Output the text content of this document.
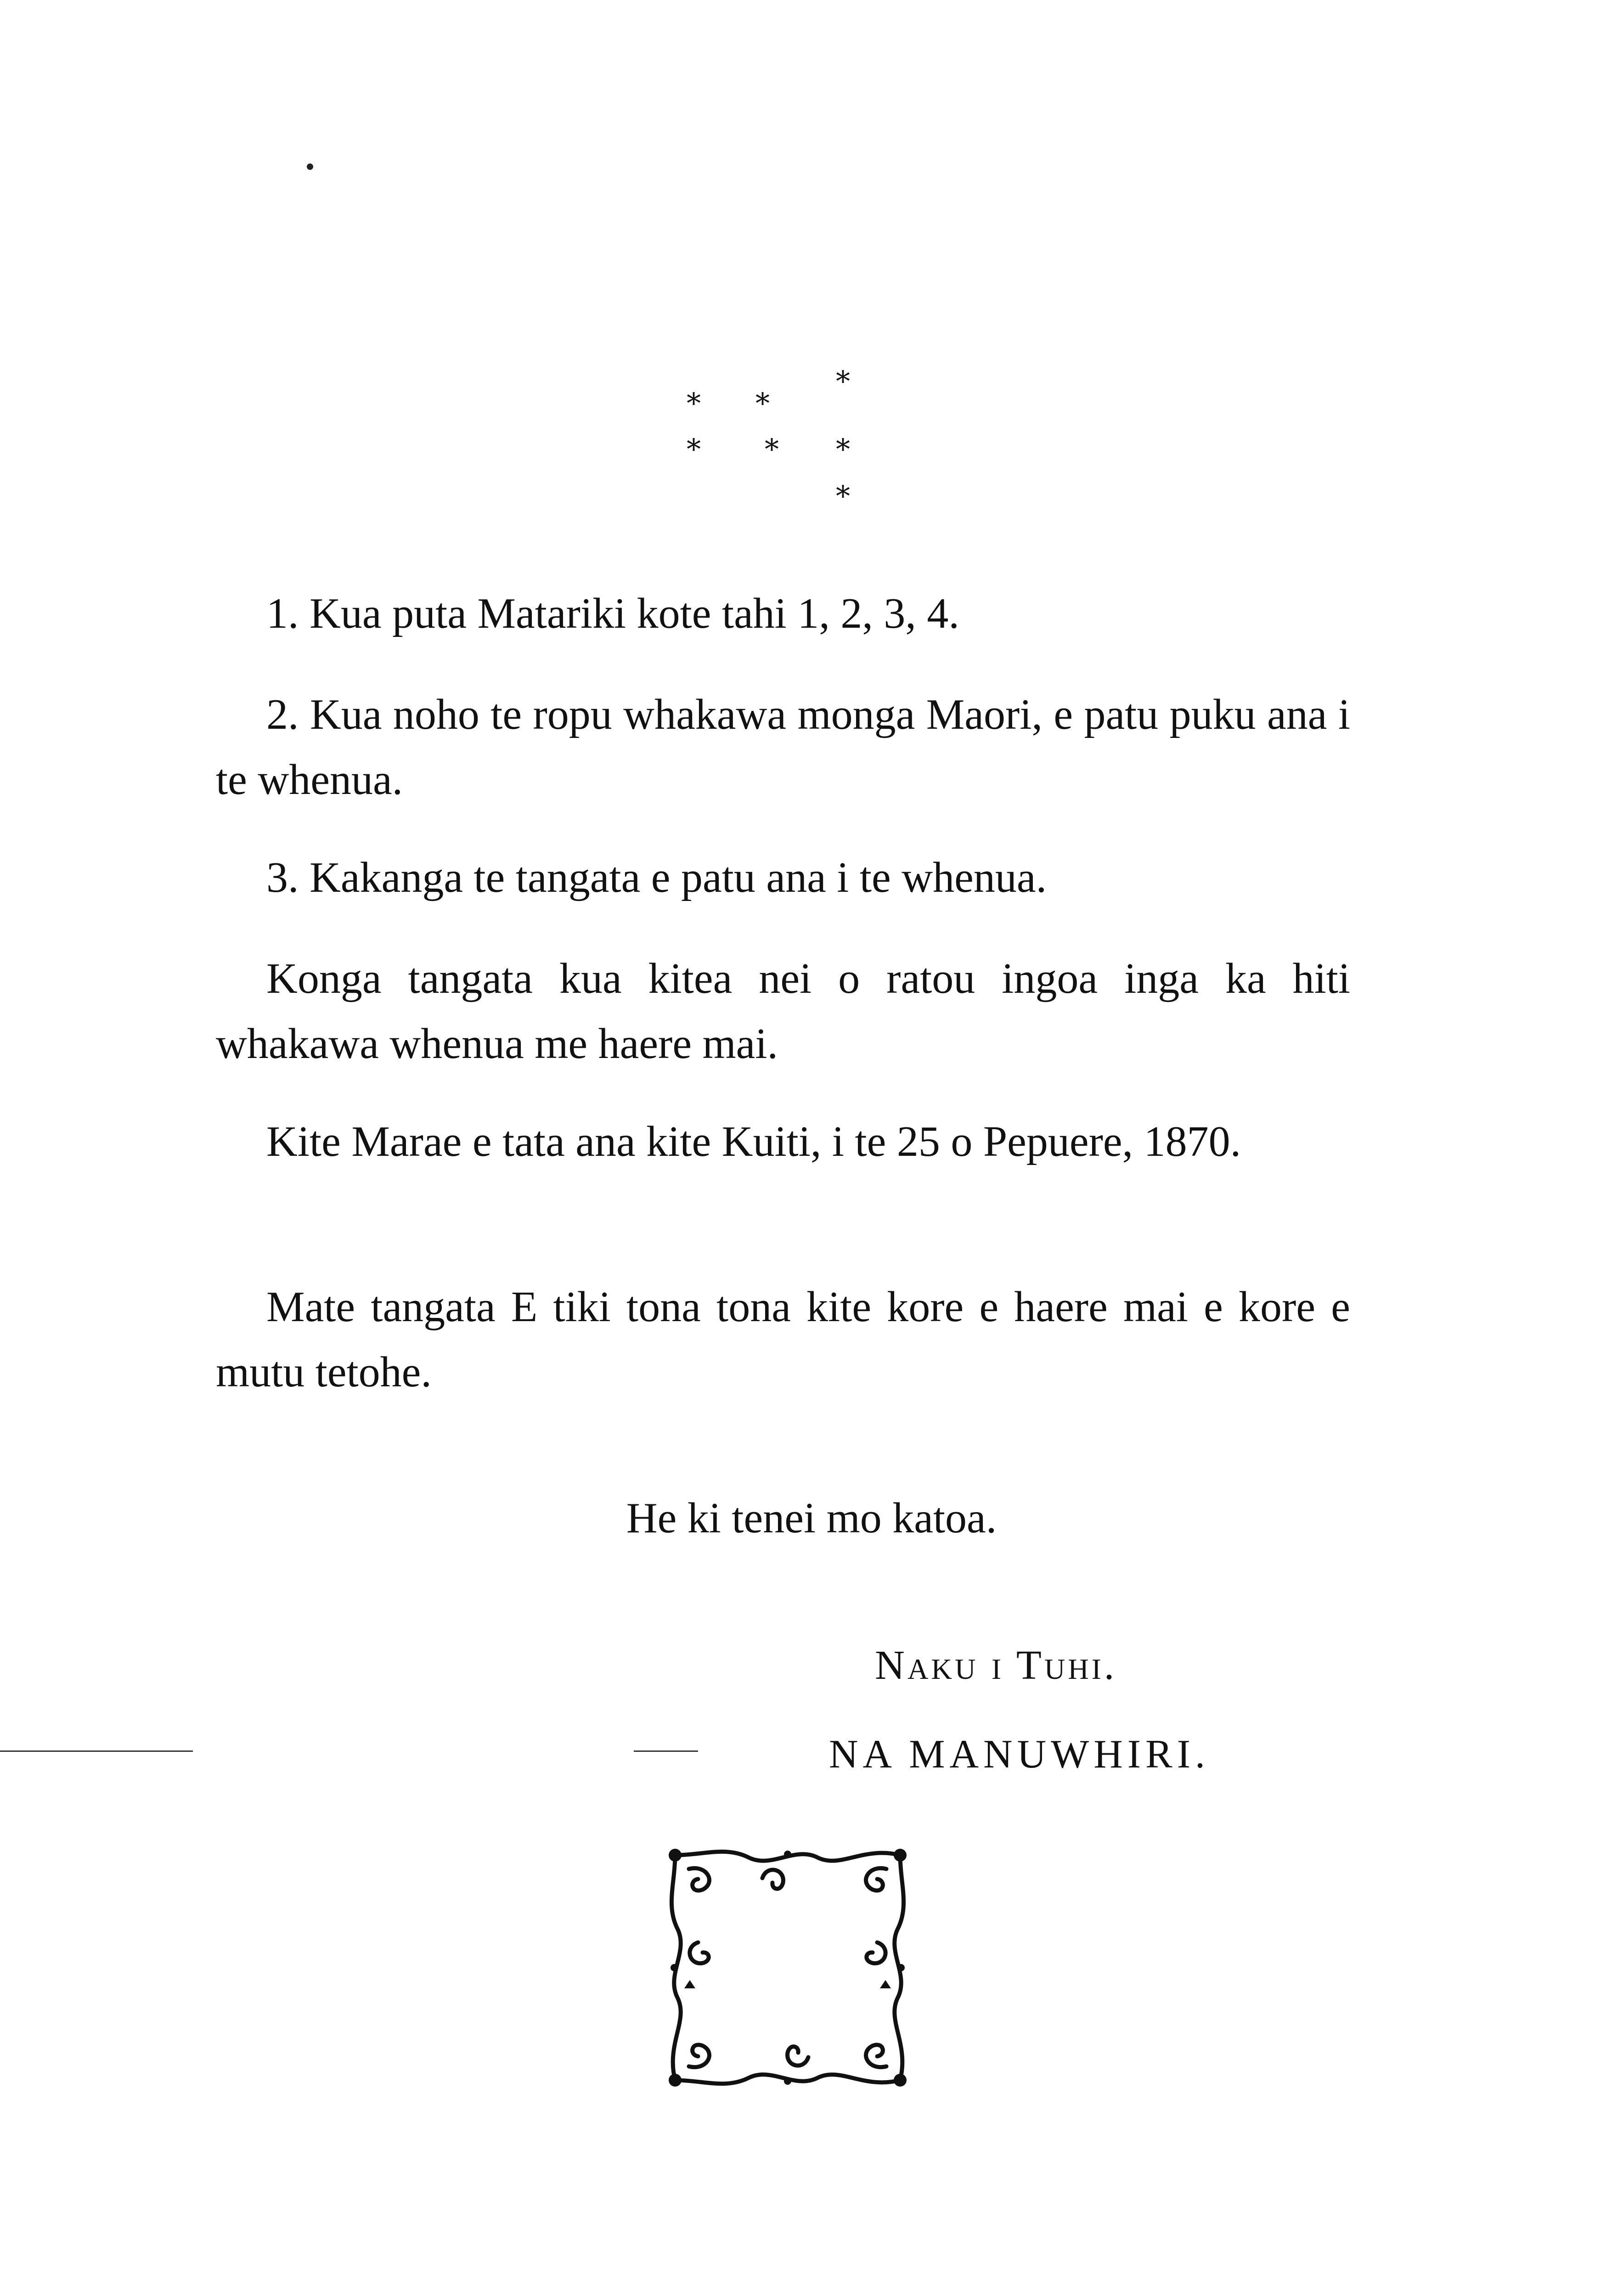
*
* *
* * *
*

1. Kua puta Matariki kote tahi 1, 2, 3, 4.

2. Kua noho te ropu whakawa monga Maori, e patu puku ana i te whenua.

3. Kakanga te tangata e patu ana i te whenua.

Konga tangata kua kitea nei o ratou ingoa inga ka hiti whakawa whenua me haere mai.

Kite Marae e tata ana kite Kuiti, i te 25 o Pepuere, 1870.

Mate tangata E tiki tona tona kite kore e haere mai e kore e mutu tetohe.

He ki tenei mo katoa.
Naku i Tuhi.
NA MANUWHIRI.
